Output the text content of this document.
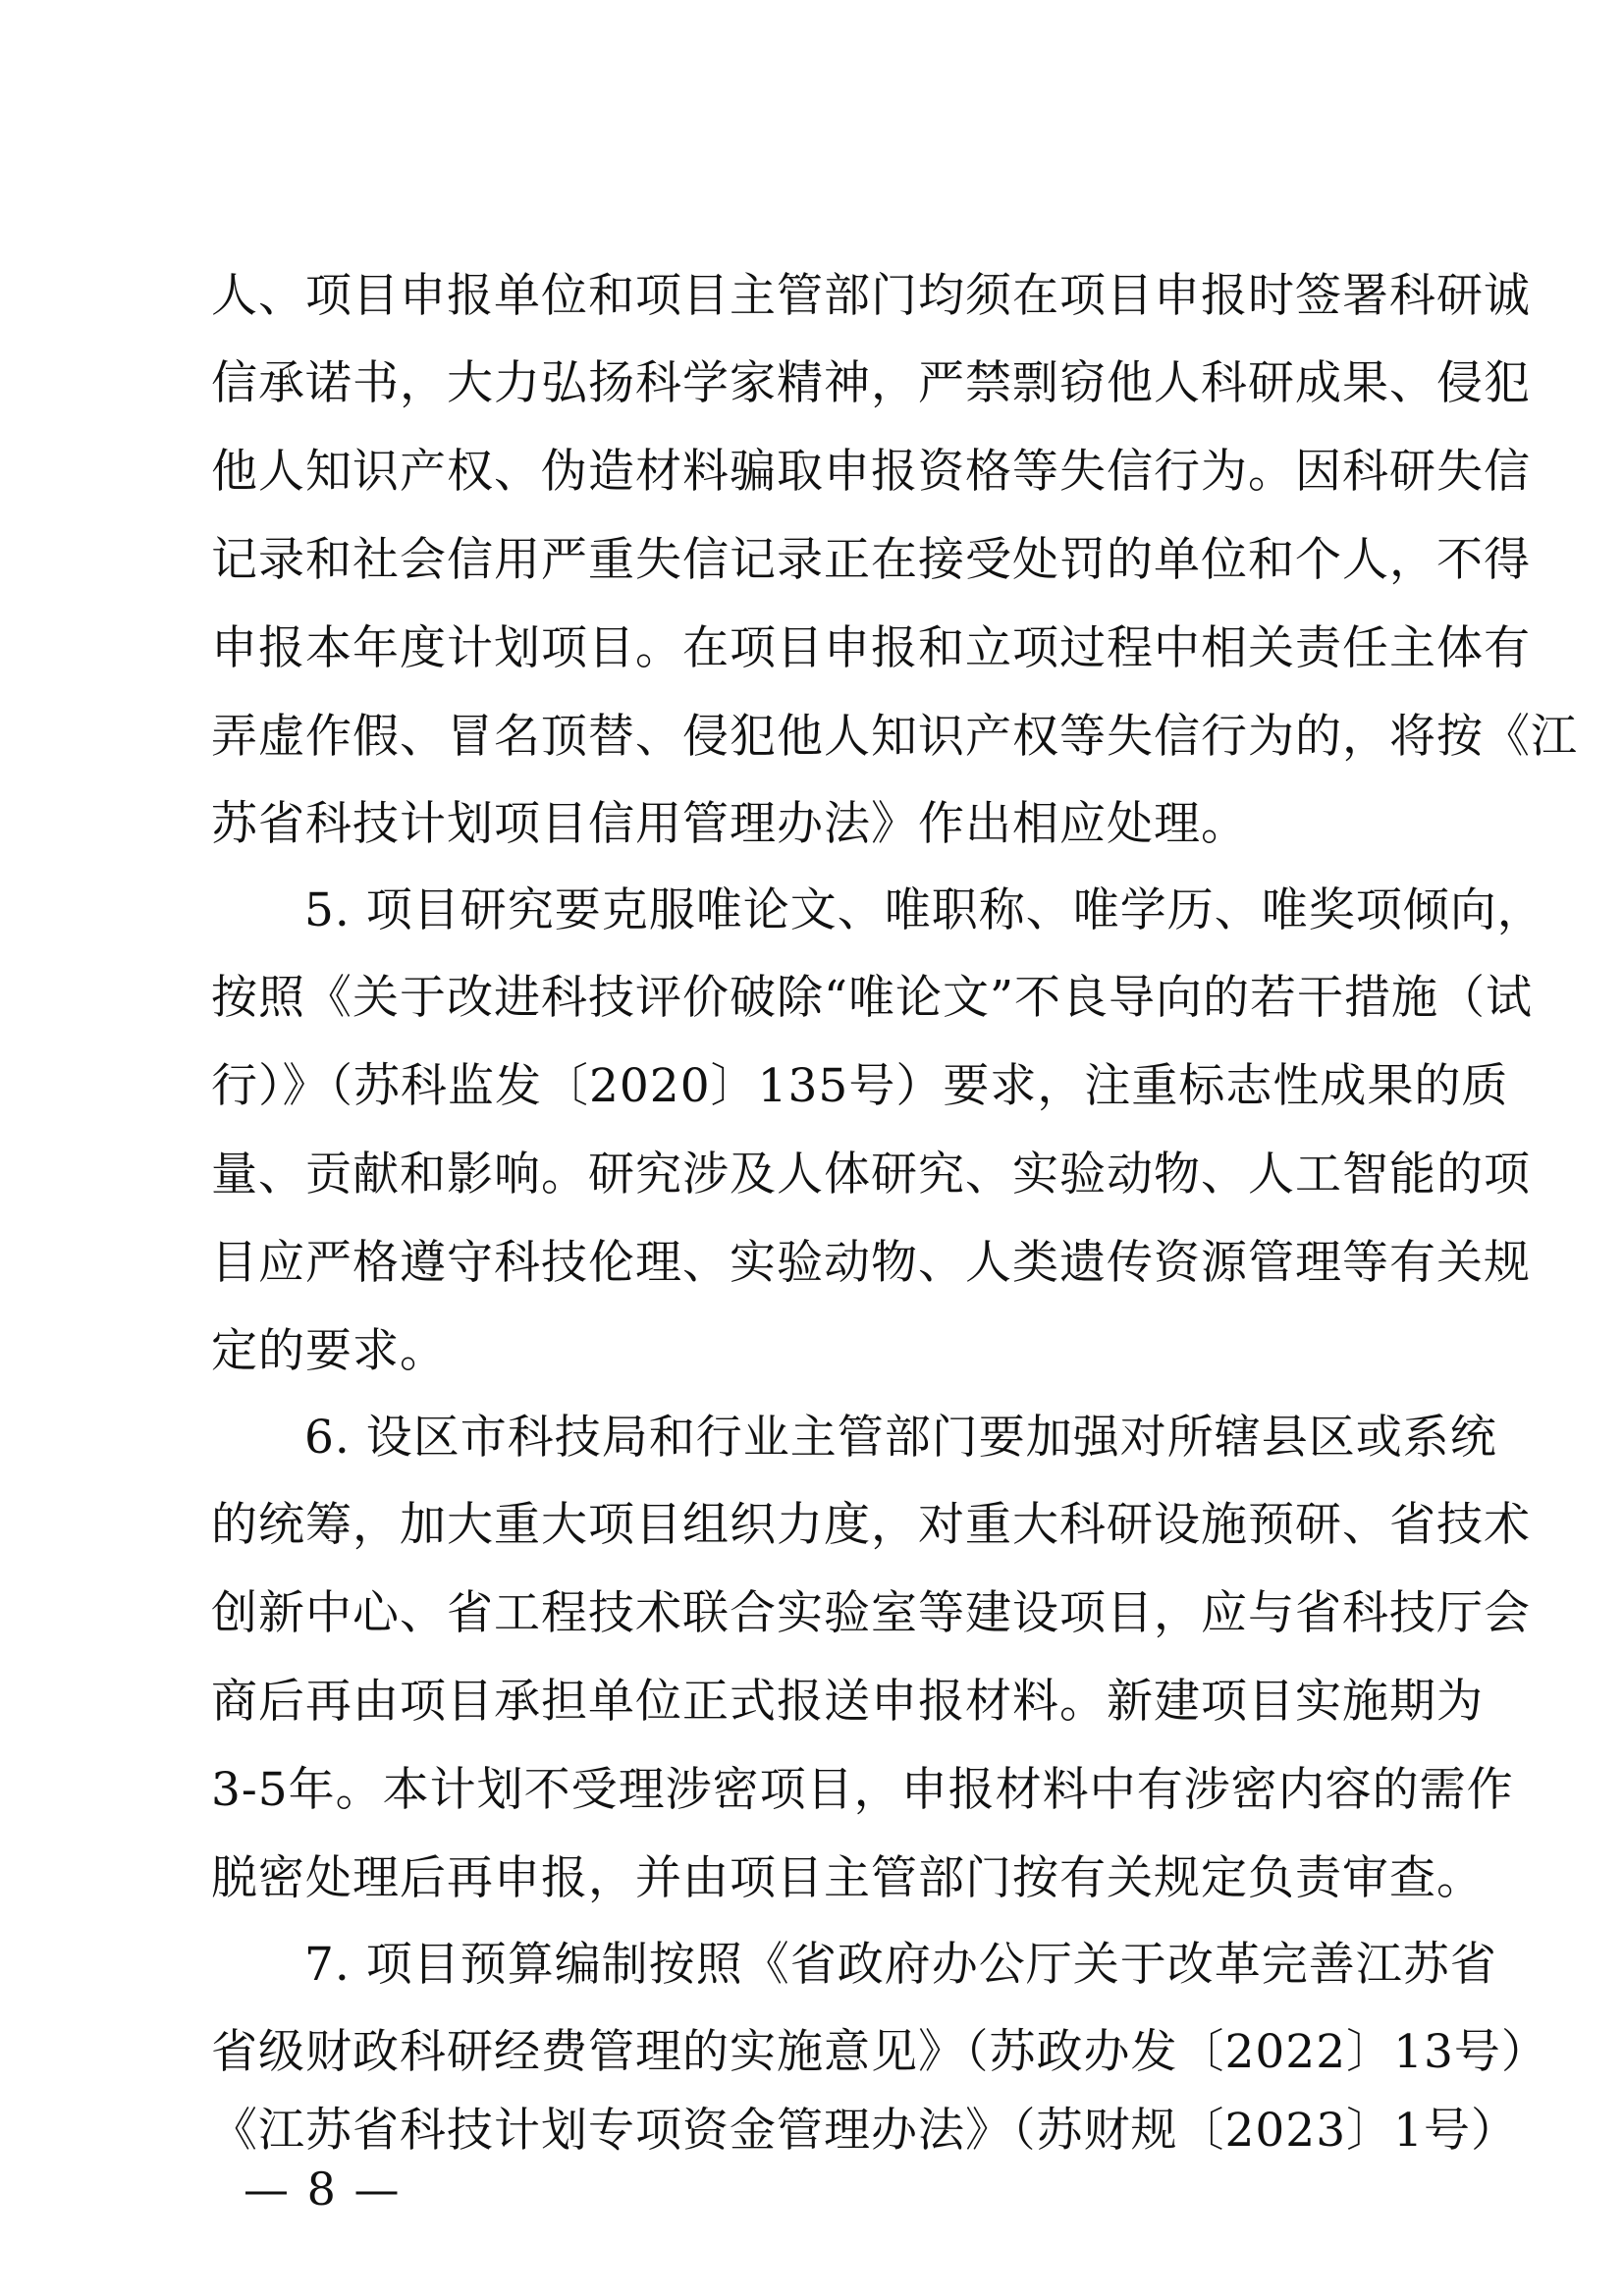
人、项目申报单位和项目主管部门均须在项目申报时签署科研诚
信承诺书，大力弘扬科学家精神，严禁剽窃他人科研成果、侵犯
他人知识产权、伪造材料骗取申报资格等失信行为。因科研失信
记录和社会信用严重失信记录正在接受处罚的单位和个人，不得
申报本年度计划项目。在项目申报和立项过程中相关责任主体有
弄虚作假、冒名顶替、侵犯他人知识产权等失信行为的，将按《江
苏省科技计划项目信用管理办法》作出相应处理。
5. 项目研究要克服唯论文、唯职称、唯学历、唯奖项倾向，
按照《关于改进科技评价破除“唯论文”不良导向的若干措施（试
行）》（苏科监发〔2020〕135号）要求，注重标志性成果的质
量、贡献和影响。研究涉及人体研究、实验动物、人工智能的项
目应严格遵守科技伦理、实验动物、人类遗传资源管理等有关规
定的要求。
6. 设区市科技局和行业主管部门要加强对所辖县区或系统
的统筹，加大重大项目组织力度，对重大科研设施预研、省技术
创新中心、省工程技术联合实验室等建设项目，应与省科技厅会
商后再由项目承担单位正式报送申报材料。新建项目实施期为
3-5年。本计划不受理涉密项目，申报材料中有涉密内容的需作
脱密处理后再申报，并由项目主管部门按有关规定负责审查。
7. 项目预算编制按照《省政府办公厅关于改革完善江苏省
省级财政科研经费管理的实施意见》（苏政办发〔2022〕13号）
《江苏省科技计划专项资金管理办法》（苏财规〔2023〕1号）
— 8 —
